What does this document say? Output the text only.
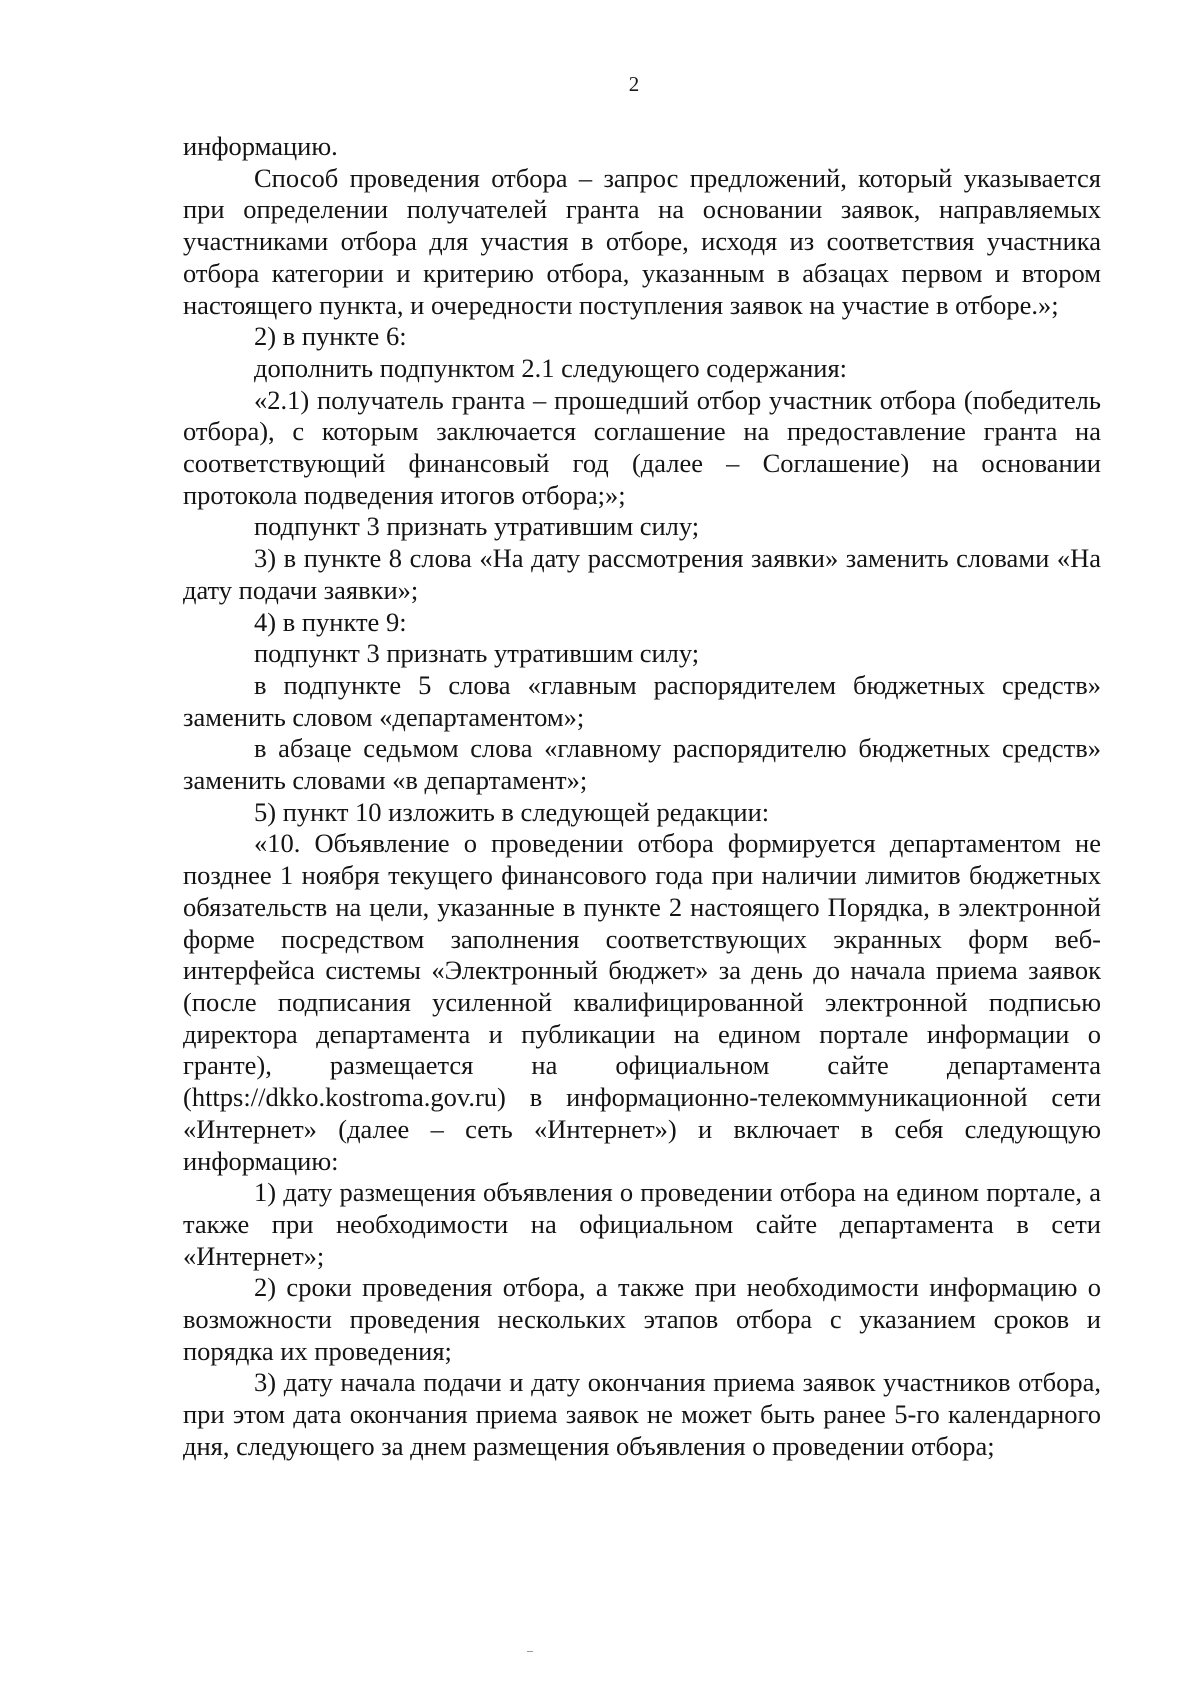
2

информацию.

Способ проведения отбора – запрос предложений, который указывается при определении получателей гранта на основании заявок, направляемых участниками отбора для участия в отборе, исходя из соответствия участника отбора категории и критерию отбора, указанным в абзацах первом и втором настоящего пункта, и очередности поступления заявок на участие в отборе.»;

2) в пункте 6:

дополнить подпунктом 2.1 следующего содержания:

«2.1) получатель гранта – прошедший отбор участник отбора (победитель отбора), с которым заключается соглашение на предоставление гранта на соответствующий финансовый год (далее – Соглашение) на основании протокола подведения итогов отбора;»;

подпункт 3 признать утратившим силу;

3) в пункте 8 слова «На дату рассмотрения заявки» заменить словами «На дату подачи заявки»;

4) в пункте 9:

подпункт 3 признать утратившим силу;

в подпункте 5 слова «главным распорядителем бюджетных средств» заменить словом «департаментом»;

в абзаце седьмом слова «главному распорядителю бюджетных средств» заменить словами «в департамент»;

5) пункт 10 изложить в следующей редакции:

«10. Объявление о проведении отбора формируется департаментом не позднее 1 ноября текущего финансового года при наличии лимитов бюджетных обязательств на цели, указанные в пункте 2 настоящего Порядка, в электронной форме посредством заполнения соответствующих экранных форм веб-интерфейса системы «Электронный бюджет» за день до начала приема заявок (после подписания усиленной квалифицированной электронной подписью директора департамента и публикации на едином портале информации о гранте), размещается на официальном сайте департамента (https://dkko.kostroma.gov.ru) в информационно-телекоммуникационной сети «Интернет» (далее – сеть «Интернет») и включает в себя следующую информацию:

1) дату размещения объявления о проведении отбора на едином портале, а также при необходимости на официальном сайте департамента в сети «Интернет»;

2) сроки проведения отбора, а также при необходимости информацию о возможности проведения нескольких этапов отбора с указанием сроков и порядка их проведения;

3) дату начала подачи и дату окончания приема заявок участников отбора, при этом дата окончания приема заявок не может быть ранее 5-го календарного дня, следующего за днем размещения объявления о проведении отбора;
